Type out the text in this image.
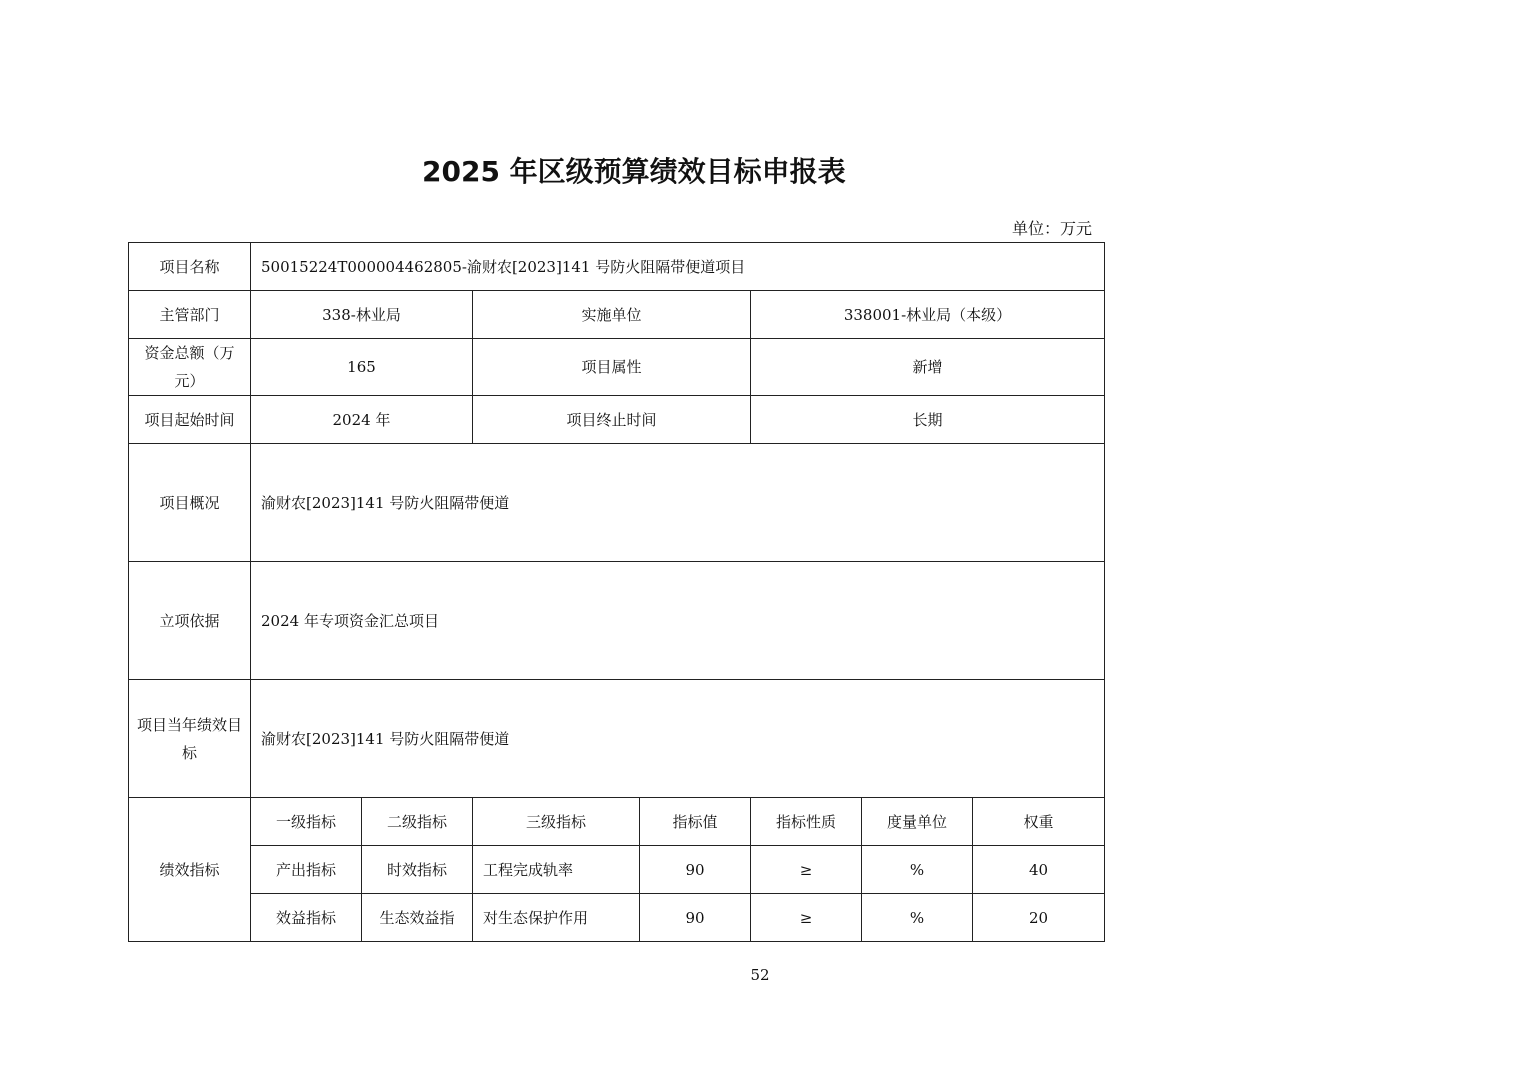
2025 年区级预算绩效目标申报表
单位：万元
项目名称	50015224T000004462805-渝财农[2023]141 号防火阻隔带便道项目						
主管部门	338-林业局		实施单位		338001-林业局（本级）		
资金总额（万元）	165		项目属性		新增		
项目起始时间	2024 年		项目终止时间		长期		
项目概况	渝财农[2023]141 号防火阻隔带便道						
立项依据	2024 年专项资金汇总项目						
项目当年绩效目标	渝财农[2023]141 号防火阻隔带便道						
绩效指标	一级指标	二级指标	三级指标	指标值	指标性质	度量单位	权重
	产出指标	时效指标	工程完成轨率	90	≥	%	40
	效益指标	生态效益指	对生态保护作用	90	≥	%	20
52
